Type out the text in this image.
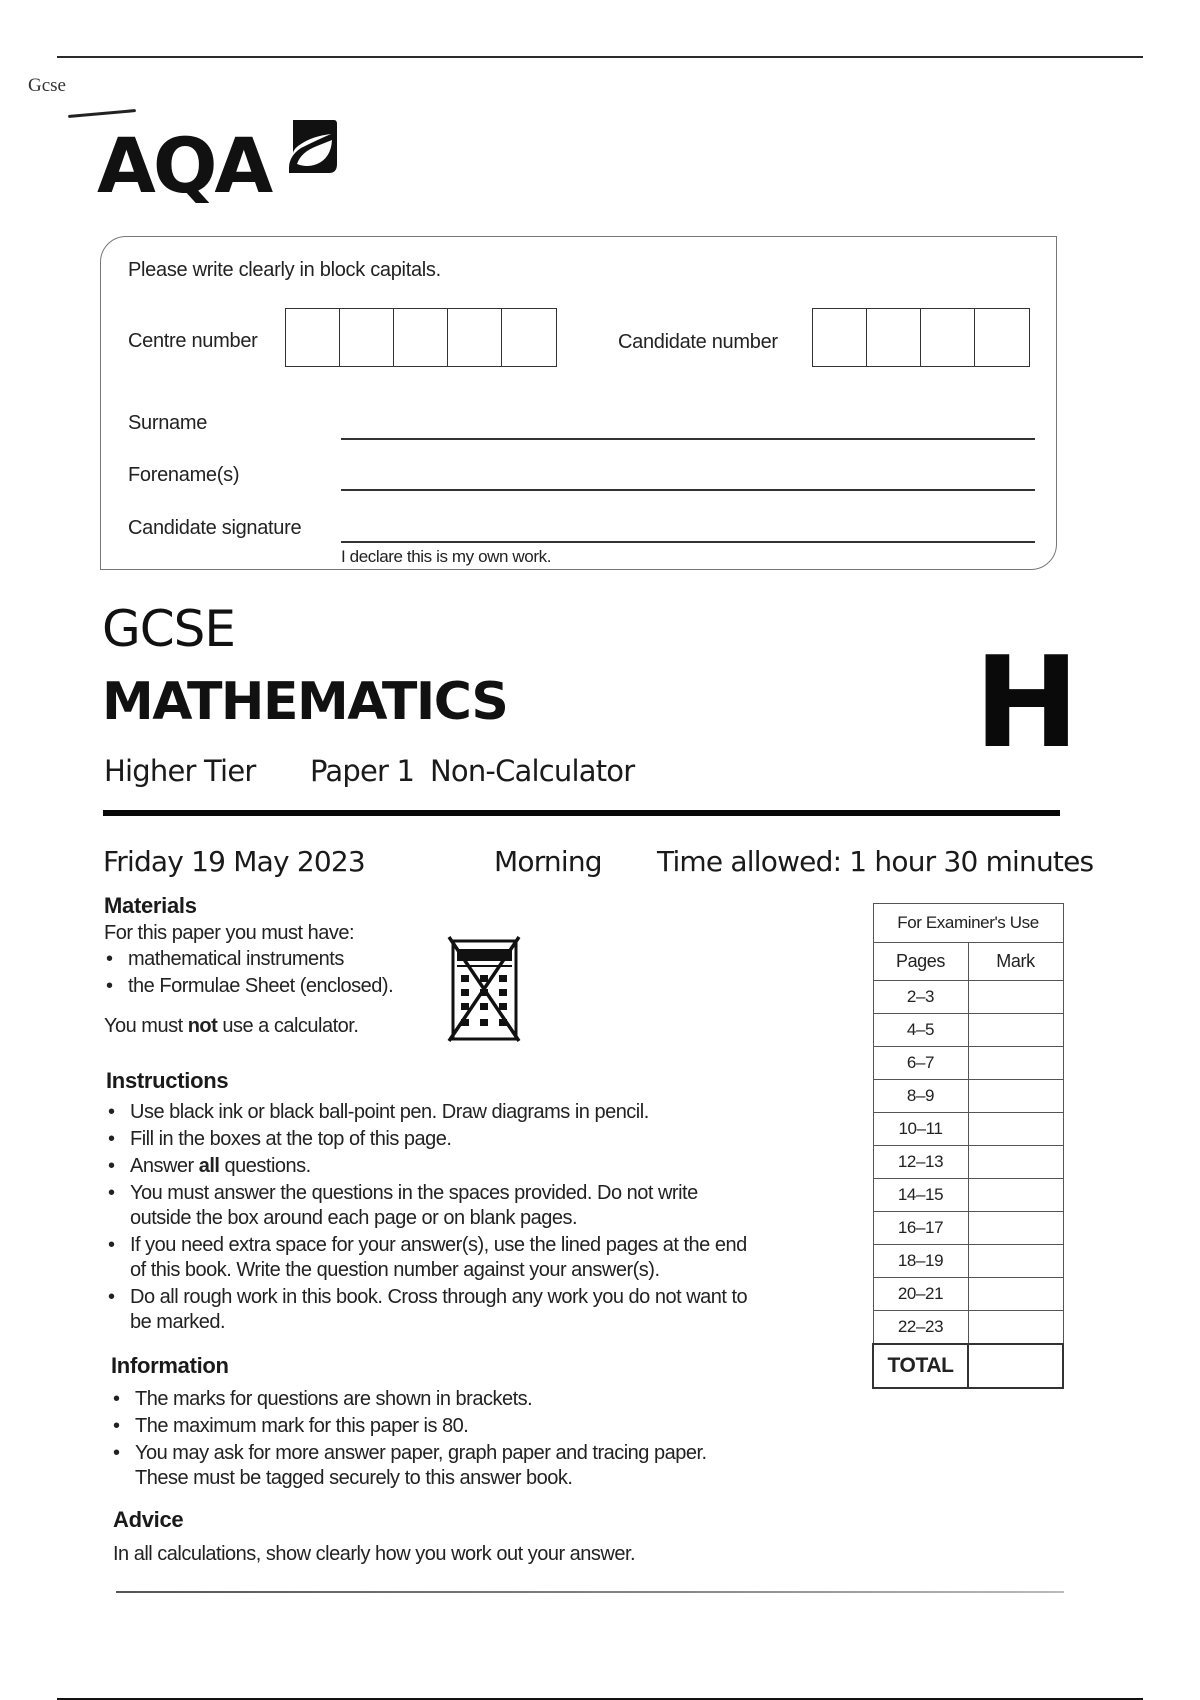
Gcse
AQA
Please write clearly in block capitals.
Centre number	Candidate number
Surname
Forename(s)
Candidate signature
I declare this is my own work.
GCSE
MATHEMATICS	H
Higher Tier	Paper 1 Non-Calculator
Friday 19 May 2023	Morning Time allowed: 1 hour 30 minutes
Materials
For this paper you must have:
• mathematical instruments
• the Formulae Sheet (enclosed).
You must not use a calculator.
Instructions
• Use black ink or black ball-point pen. Draw diagrams in pencil.
• Fill in the boxes at the top of this page.
• Answer all questions.
• You must answer the questions in the spaces provided. Do not write
outside the box around each page or on blank pages.
• If you need extra space for your answer(s), use the lined pages at the end
of this book. Write the question number against your answer(s).
• Do all rough work in this book. Cross through any work you do not want to
be marked.
Information
• The marks for questions are shown in brackets.
• The maximum mark for this paper is 80.
• You may ask for more answer paper, graph paper and tracing paper.
These must be tagged securely to this answer book.
Advice
In all calculations, show clearly how you work out your answer.
For Examiner's Use	
Pages	Mark
2–3	
4–5	
6–7	
8–9	
10–11	
12–13	
14–15	
16–17	
18–19	
20–21	
22–23	
TOTAL	
